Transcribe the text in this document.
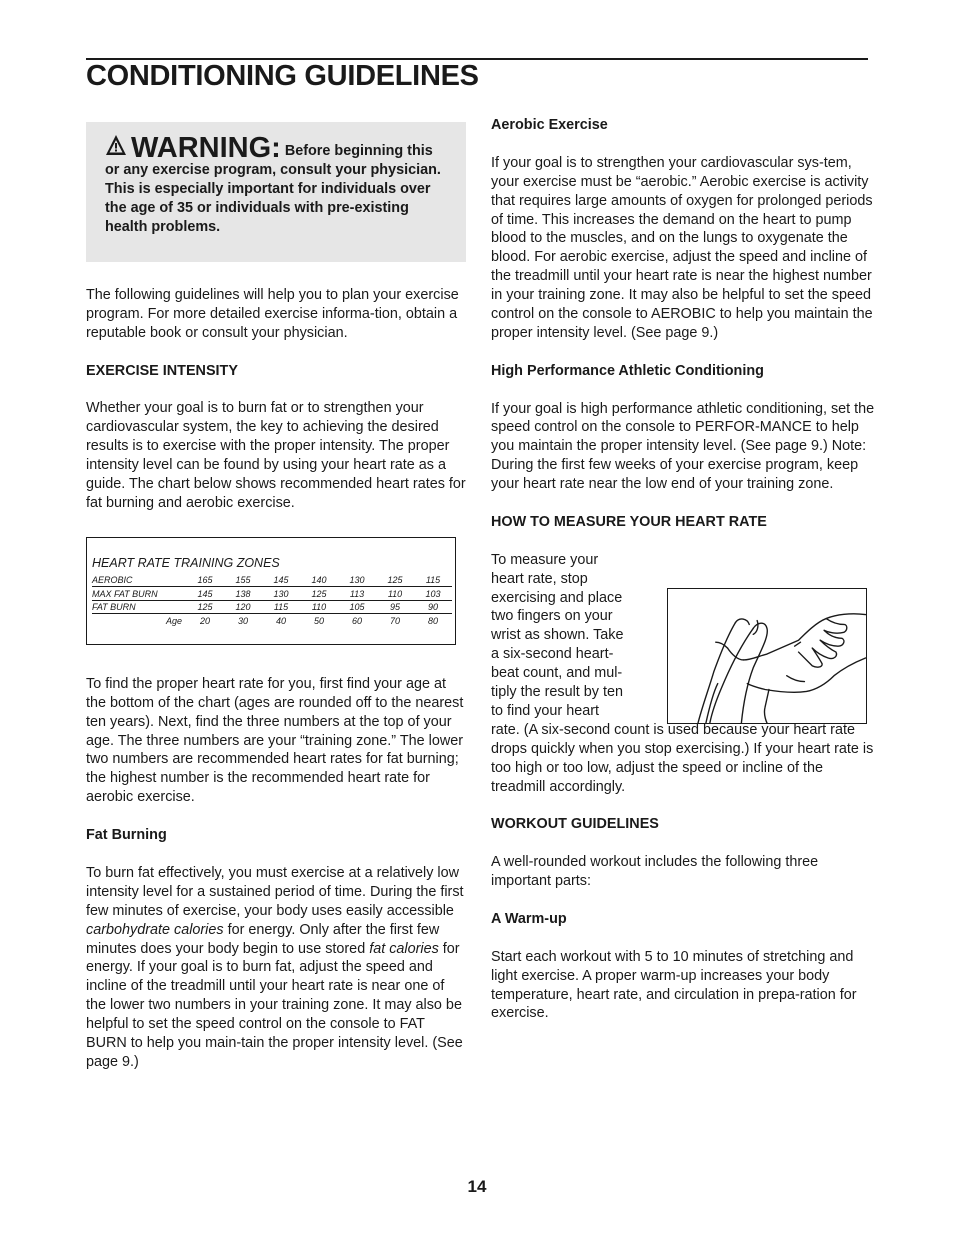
CONDITIONING GUIDELINES
WARNING: Before beginning this or any exercise program, consult your physician. This is especially important for individuals over the age of 35 or individuals with pre-existing health problems.

The following guidelines will help you to plan your exercise program. For more detailed exercise informa-tion, obtain a reputable book or consult your physician.

EXERCISE INTENSITY

Whether your goal is to burn fat or to strengthen your cardiovascular system, the key to achieving the desired results is to exercise with the proper intensity. The proper intensity level can be found by using your heart rate as a guide. The chart below shows recommended heart rates for fat burning and aerobic exercise.

HEART RATE TRAINING ZONES
AEROBIC	165	155	145	140	130	125	115
MAX FAT BURN	145	138	130	125	113	110	103
FAT BURN	125	120	115	110	105	95	90
Age	20	30	40	50	60	70	80

To find the proper heart rate for you, first find your age at the bottom of the chart (ages are rounded off to the nearest ten years). Next, find the three numbers at the top of your age. The three numbers are your “training zone.” The lower two numbers are recommended heart rates for fat burning; the highest number is the recommended heart rate for aerobic exercise.

Fat Burning

To burn fat effectively, you must exercise at a relatively low intensity level for a sustained period of time. During the first few minutes of exercise, your body uses easily accessible carbohydrate calories for energy. Only after the first few minutes does your body begin to use stored fat calories for energy. If your goal is to burn fat, adjust the speed and incline of the treadmill until your heart rate is near one of the lower two numbers in your training zone. It may also be helpful to set the speed control on the console to FAT BURN to help you main-tain the proper intensity level. (See page 9.)

Aerobic Exercise

If your goal is to strengthen your cardiovascular sys-tem, your exercise must be “aerobic.” Aerobic exercise is activity that requires large amounts of oxygen for prolonged periods of time. This increases the demand on the heart to pump blood to the muscles, and on the lungs to oxygenate the blood. For aerobic exercise, adjust the speed and incline of the treadmill until your heart rate is near the highest number in your training zone. It may also be helpful to set the speed control on the console to AEROBIC to help you maintain the proper intensity level. (See page 9.)

High Performance Athletic Conditioning

If your goal is high performance athletic conditioning, set the speed control on the console to PERFOR-MANCE to help you maintain the proper intensity level. (See page 9.) Note: During the first few weeks of your exercise program, keep your heart rate near the low end of your training zone.

HOW TO MEASURE YOUR HEART RATE

To measure your

heart rate, stop

exercising and place

two fingers on your

wrist as shown. Take

a six-second heart-

beat count, and mul-

tiply the result by ten

to find your heart

rate. (A six-second count is used because your heart rate drops quickly when you stop exercising.) If your heart rate is too high or too low, adjust the speed or incline of the treadmill accordingly.

WORKOUT GUIDELINES

A well-rounded workout includes the following three important parts:

A Warm-up

Start each workout with 5 to 10 minutes of stretching and light exercise. A proper warm-up increases your body temperature, heart rate, and circulation in prepa-ration for exercise.

14
